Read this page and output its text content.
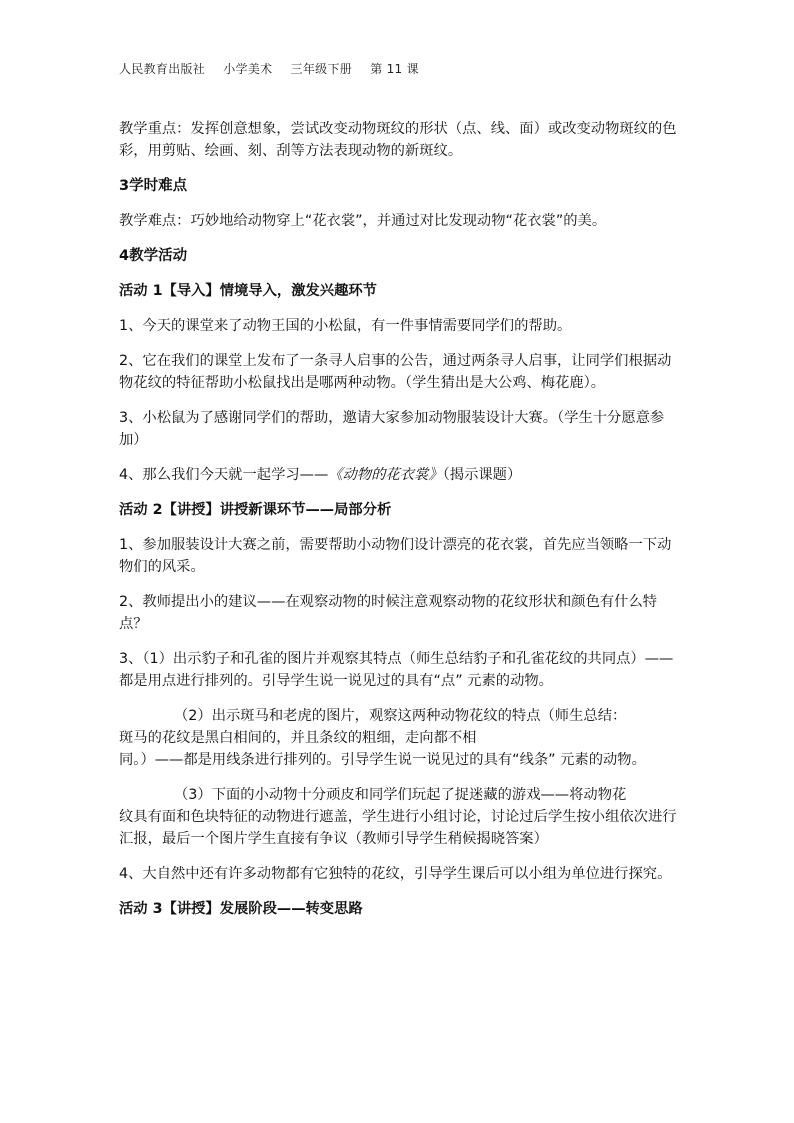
人民教育出版社 小学美术 三年级下册 第 11 课

教学重点：发挥创意想象，尝试改变动物斑纹的形状（点、线、面）或改变动物斑纹的色彩，用剪贴、绘画、刻、刮等方法表现动物的新斑纹。

3学时难点

教学难点：巧妙地给动物穿上“花衣裳”，并通过对比发现动物“花衣裳”的美。

4教学活动

活动 1【导入】情境导入，激发兴趣环节

1、今天的课堂来了动物王国的小松鼠，有一件事情需要同学们的帮助。

2、它在我们的课堂上发布了一条寻人启事的公告，通过两条寻人启事，让同学们根据动物花纹的特征帮助小松鼠找出是哪两种动物。（学生猜出是大公鸡、梅花鹿）。

3、小松鼠为了感谢同学们的帮助，邀请大家参加动物服装设计大赛。（学生十分愿意参加）

4、那么我们今天就一起学习——《动物的花衣裳》（揭示课题）

活动 2【讲授】讲授新课环节——局部分析

1、参加服装设计大赛之前，需要帮助小动物们设计漂亮的花衣裳，首先应当领略一下动物们的风采。

2、教师提出小的建议——在观察动物的时候注意观察动物的花纹形状和颜色有什么特点？

3、（1）出示豹子和孔雀的图片并观察其特点（师生总结豹子和孔雀花纹的共同点）——都是用点进行排列的。引导学生说一说见过的具有“点” 元素的动物。

（2）出示斑马和老虎的图片，观察这两种动物花纹的特点（师生总结：
斑马的花纹是黑白相间的，并且条纹的粗细，走向都不相
同。）——都是用线条进行排列的。引导学生说一说见过的具有“线条” 元素的动物。

（3）下面的小动物十分顽皮和同学们玩起了捉迷藏的游戏——将动物花
纹具有面和色块特征的动物进行遮盖，学生进行小组讨论，讨论过后学生按小组依次进行汇报，最后一个图片学生直接有争议（教师引导学生稍候揭晓答案）

4、大自然中还有许多动物都有它独特的花纹，引导学生课后可以小组为单位进行探究。

活动 3【讲授】发展阶段——转变思路
